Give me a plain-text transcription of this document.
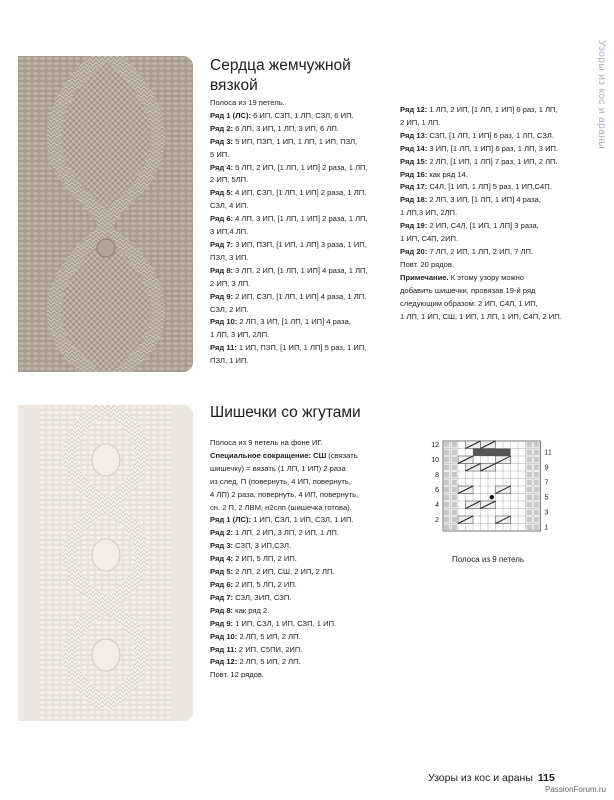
Узоры из кос и араны
Сердца жемчужной
вязкой
Полоса из 19 петель.
Ряд 1 (ЛС): 6 ИП, СЗП, 1 ЛП, СЗЛ, 6 ИП.
Ряд 2: 6 ЛП, 3 ИП, 1 ЛП, 3 ИП, 6 ЛП.
Ряд 3: 5 ИП, ПЗП, 1 ИП, 1 ЛП, 1 ИП, ПЗЛ,
5 ИП.
Ряд 4: 5 ЛП, 2 ИП, [1 ЛП, 1 ИП] 2 раза, 1 ЛП,
2 ИП, 5ЛП.
Ряд 5: 4 ИП, СЗП, [1 ЛП, 1 ИП] 2 раза, 1 ЛП,
СЗЛ, 4 ИП.
Ряд 6: 4 ЛП, 3 ИП, [1 ЛП, 1 ИП] 2 раза, 1 ЛП,
3 ИП,4 ЛП.
Ряд 7: 3 ИП, ПЗП, [1 ИП, 1 ЛП] 3 раза, 1 ИП,
ПЗЛ, 3 ИП.
Ряд 8: 3 ЛП, 2 ИП, [1 ЛП, 1 ИП] 4 раза, 1 ЛП,
2 ИП, 3 ЛП.
Ряд 9: 2 ИП, СЗП, [1 ЛП, 1 ИП] 4 раза, 1 ЛП,
СЗЛ, 2 ИП.
Ряд 10: 2 ЛП, 3 ИП, [1 ЛП, 1 ИП] 4 раза,
1 ЛП, 3 ИП, 2ЛП.
Ряд 11: 1 ИП, ПЗП, [1 ИП, 1 ЛП] 5 раз, 1 ИП,
ПЗЛ, 1 ИП.
Ряд 12: 1 ЛП, 2 ИП, [1 ЛП, 1 ИП] 6 раз, 1 ЛП,
2 ИП, 1 ЛП.
Ряд 13: СЗП, [1 ЛП, 1 ИП] 6 раз, 1 ЛП, СЗЛ.
Ряд 14: 3 ИП, [1 ЛП, 1 ИП] 6 раз, 1 ЛП, 3 ИП.
Ряд 15: 2 ЛП, [1 ИП, 1 ЛП] 7 раз, 1 ИП, 2 ЛП.
Ряд 16: как ряд 14.
Ряд 17: С4Л, [1 ИП, 1 ЛП] 5 раз, 1 ИП,С4П.
Ряд 18: 2 ЛП, 3 ИП, [1 ЛП, 1 ИП] 4 раза,
1 ЛП,3 ИП, 2ЛП.
Ряд 19: 2 ИП, С4Л, [1 ИП, 1 ЛП] 3 раза,
1 ИП, С4П, 2ИП.
Ряд 20: 7 ЛП, 2 ИП, 1 ЛП, 2 ИП, 7 ЛП.
Повт. 20 рядов.
Примечание. К этому узору можно
добавить шишечки, провязав 19-й ряд
следующим образом: 2 ИП, С4Л, 1 ИП,
1 ЛП, 1 ИП, СШ, 1 ИП, 1 ЛП, 1 ИП, С4П, 2 ИП.
Шишечки со жгутами
Полоса из 9 петель на фоне ИГ.
Специальное сокращение: СШ (связать
шишечку) = вязать (1 ЛП, 1 ИП) 2 раза
из след. П (повернуть, 4 ИП, повернуть,
4 ЛП) 2 раза, повернуть, 4 ИП, повернуть,
сн. 2 П, 2 ЛВМ, н2слп (шишечка готова).
Ряд 1 (ЛС): 1 ИП, СЗЛ, 1 ИП, СЗЛ, 1 ИП.
Ряд 2: 1 ЛП, 2 ИП, 3 ЛП, 2 ИП, 1 ЛП.
Ряд 3: СЗП, 3 ИП,СЗЛ.
Ряд 4: 2 ИП, 5 ЛП, 2 ИП.
Ряд 5: 2 ЛП, 2 ИП, СШ, 2 ИП, 2 ЛП.
Ряд 6: 2 ИП, 5 ЛП, 2 ИП.
Ряд 7: СЗЛ, ЗИП, СЗП.
Ряд 8: как ряд 2.
Ряд 9: 1 ИП, СЗЛ, 1 ИП, СЗП, 1 ИП.
Ряд 10: 2 ЛП, 5 ИП, 2 ЛП.
Ряд 11: 2 ИП, С5ПИ, 2ИП.
Ряд 12: 2 ЛП, 5 ИП, 2 ЛП.
Повт. 12 рядов.
12
10
8
6
4
2
11
9
7
5
3
1
Полоса из 9 петель
Узоры из кос и араны 115
PassionForum.ru
